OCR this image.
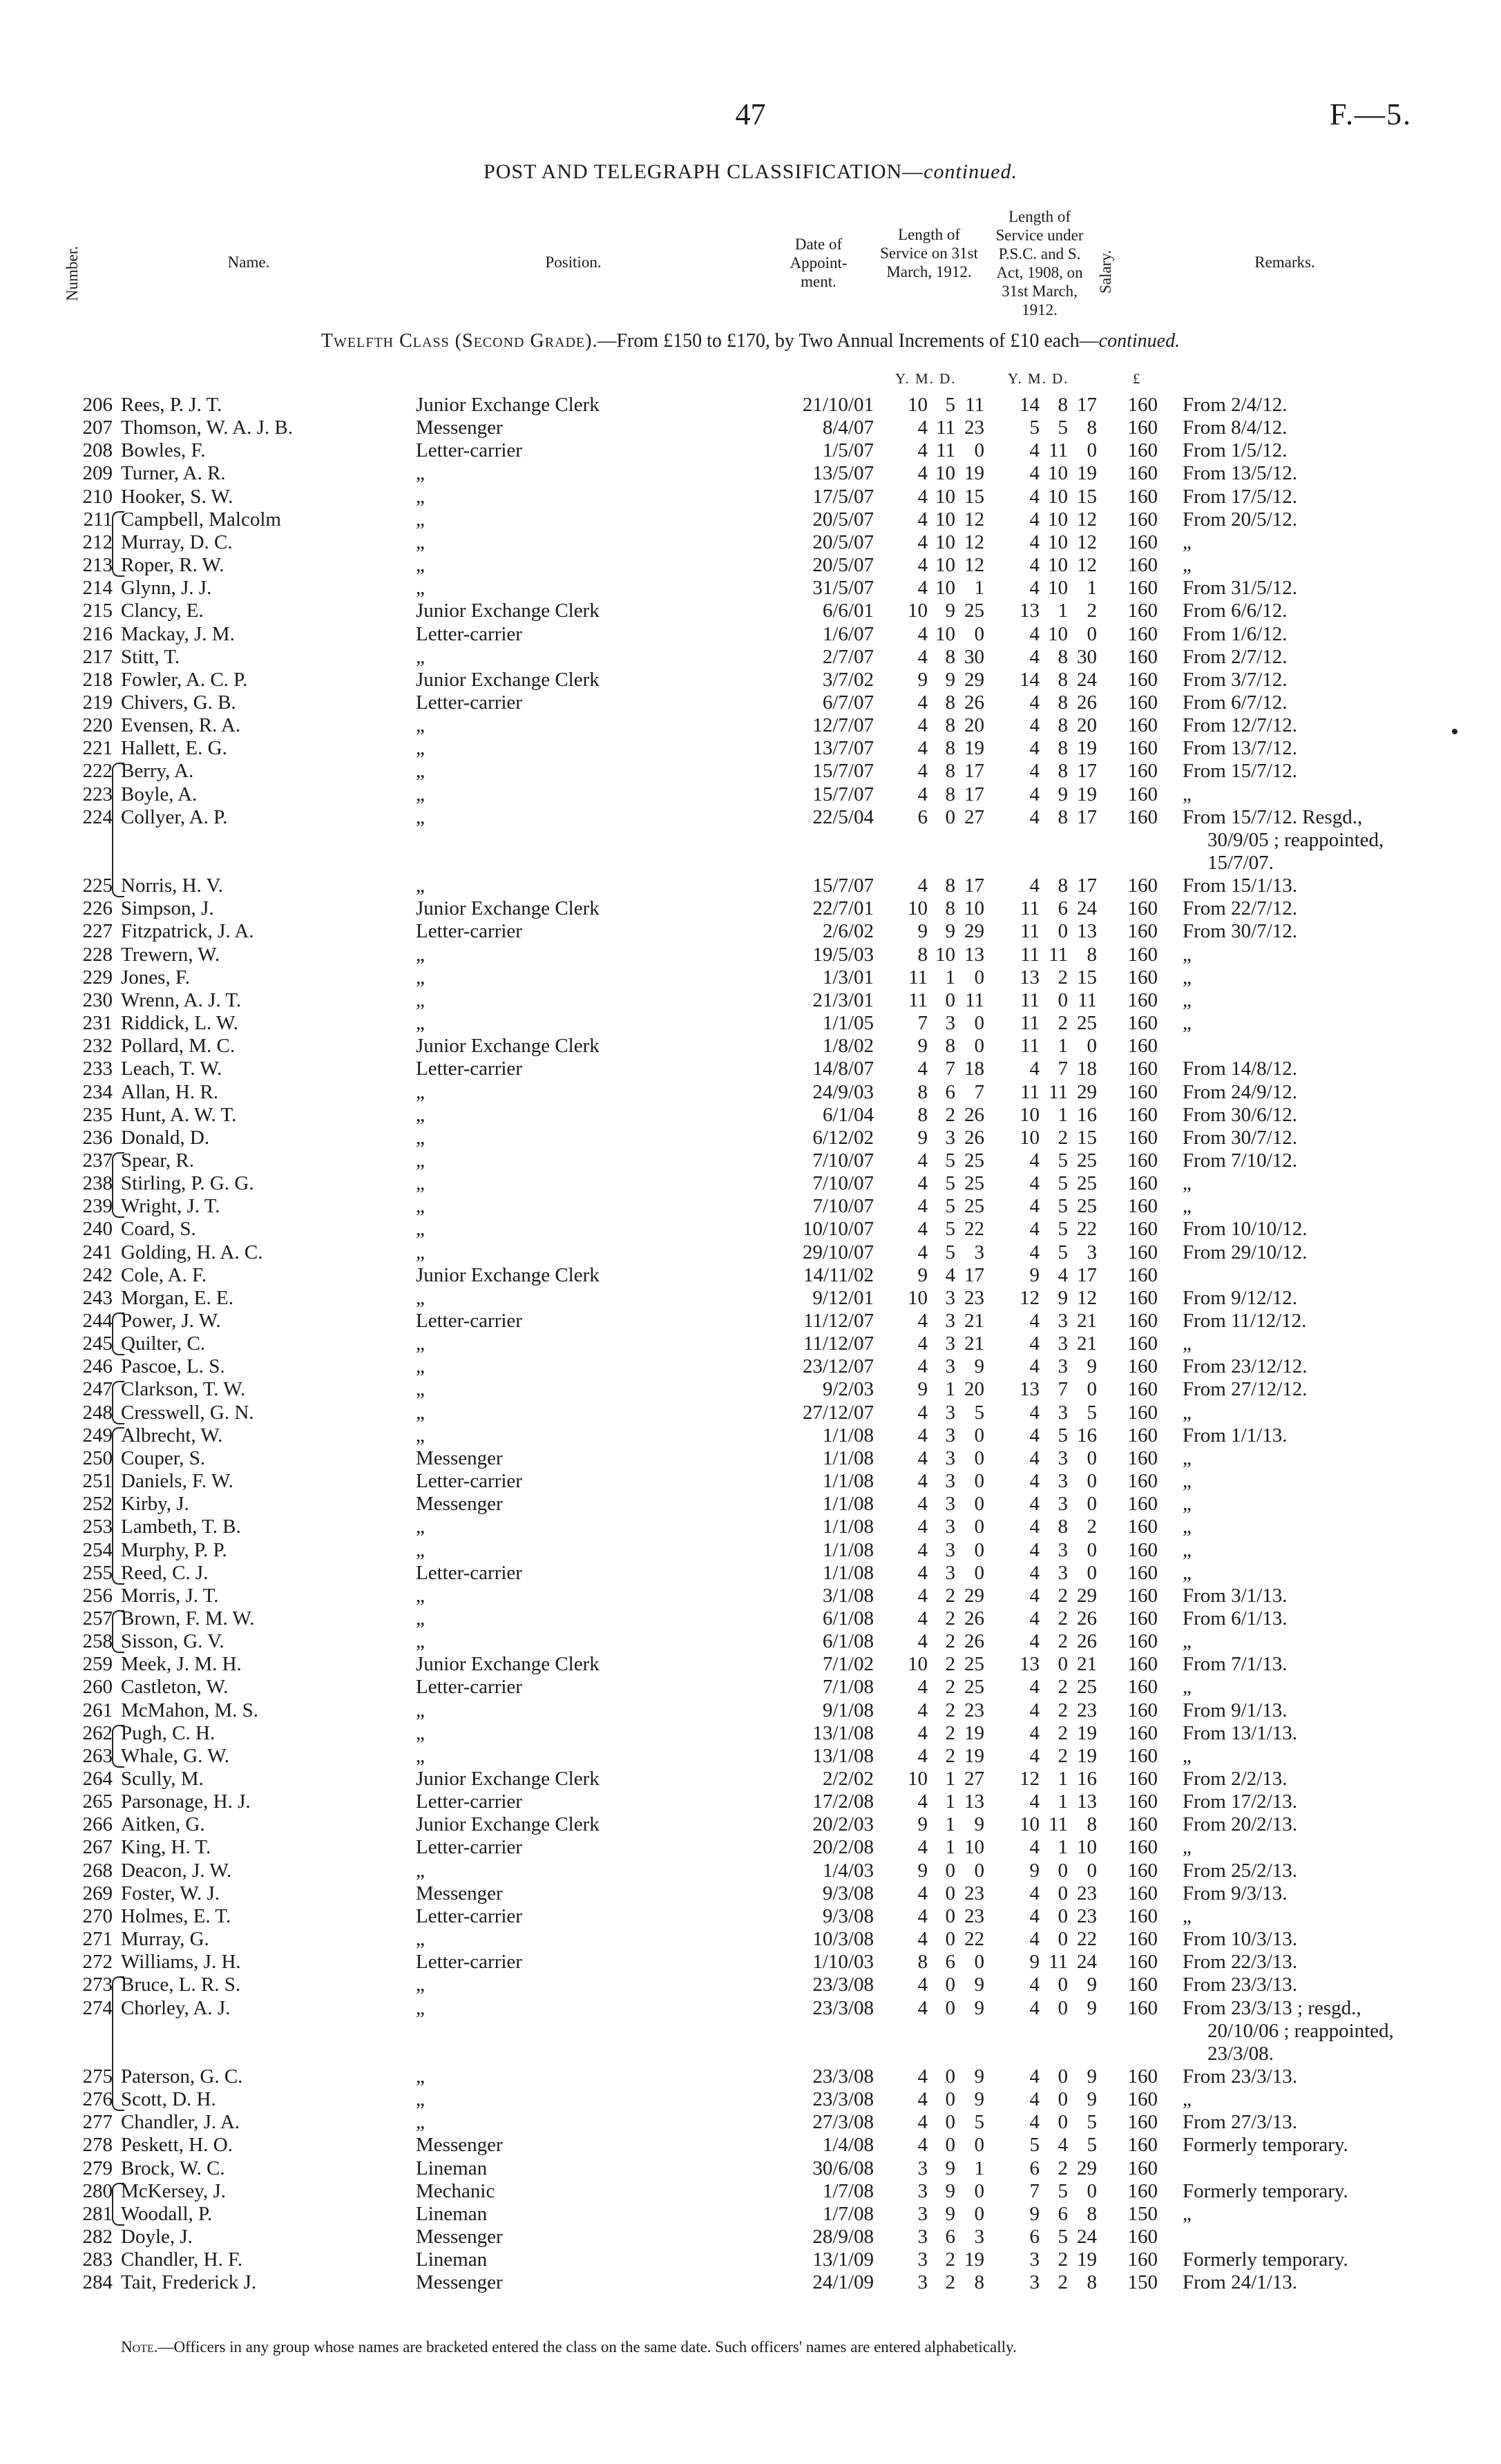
47	F.—5.
POST AND TELEGRAPH CLASSIFICATION—continued.
Number.	Name.	Position.
Date of Appoint- ment.
Length of Service on 31st March, 1912.
Length of Service under P.S.C. and S. Act, 1908, on 31st March, 1912.
Salary.	Remarks.
Twelfth Class (Second Grade).—From £150 to £170, by Two Annual Increments of £10 each—continued.
Y. M. D.	Y. M. D.	£
206 Rees, P. J. T.	Junior Exchange Clerk	21/10/01	10 5 11	14 8 17	160 From 2/4/12.
207 Thomson, W. A. J. B.	Messenger	8/4/07	4 11 23	5 5 8	160 From 8/4/12.
208 Bowles, F.	Letter-carrier	1/5/07	4 11 0	4 11 0	160 From 1/5/12.
209 Turner, A. R.	„	13/5/07	4 10 19	4 10 19	160 From 13/5/12.
210 Hooker, S. W.	„	17/5/07	4 10 15	4 10 15	160 From 17/5/12.
211 Campbell, Malcolm	„	20/5/07	4 10 12	4 10 12	160 From 20/5/12.
212 Murray, D. C.	„	20/5/07	4 10 12	4 10 12	160 „
213 Roper, R. W.	„	20/5/07	4 10 12	4 10 12	160 „
214 Glynn, J. J.	„	31/5/07	4 10 1	4 10 1	160 From 31/5/12.
215 Clancy, E.	Junior Exchange Clerk	6/6/01	10 9 25	13 1 2	160 From 6/6/12.
216 Mackay, J. M.	Letter-carrier	1/6/07	4 10 0	4 10 0	160 From 1/6/12.
217 Stitt, T.	„	2/7/07	4 8 30	4 8 30	160 From 2/7/12.
218 Fowler, A. C. P.	Junior Exchange Clerk	3/7/02	9 9 29	14 8 24	160 From 3/7/12.
219 Chivers, G. B.	Letter-carrier	6/7/07	4 8 26	4 8 26	160 From 6/7/12.
220 Evensen, R. A.	„	12/7/07	4 8 20	4 8 20	160 From 12/7/12.
221 Hallett, E. G.	„	13/7/07	4 8 19	4 8 19	160 From 13/7/12.
222 Berry, A.	„	15/7/07	4 8 17	4 8 17	160 From 15/7/12.
223 Boyle, A.	„	15/7/07	4 8 17	4 9 19	160 „
224 Collyer, A. P.	„	22/5/04	6 0 27	4 8 17	160 From 15/7/12. Resgd.,
30/9/05 ; reappointed,
15/7/07.
225 Norris, H. V.	„	15/7/07	4 8 17	4 8 17	160 From 15/1/13.
226 Simpson, J.	Junior Exchange Clerk	22/7/01	10 8 10	11 6 24	160 From 22/7/12.
227 Fitzpatrick, J. A.	Letter-carrier	2/6/02	9 9 29	11 0 13	160 From 30/7/12.
228 Trewern, W.	„	19/5/03	8 10 13	11 11 8	160 „
229 Jones, F.	„	1/3/01	11 1 0	13 2 15	160 „
230 Wrenn, A. J. T.	„	21/3/01	11 0 11	11 0 11	160 „
231 Riddick, L. W.	„	1/1/05	7 3 0	11 2 25	160 „
232 Pollard, M. C.	Junior Exchange Clerk	1/8/02	9 8 0	11 1 0	160
233 Leach, T. W.	Letter-carrier	14/8/07	4 7 18	4 7 18	160 From 14/8/12.
234 Allan, H. R.	„	24/9/03	8 6 7	11 11 29	160 From 24/9/12.
235 Hunt, A. W. T.	„	6/1/04	8 2 26	10 1 16	160 From 30/6/12.
236 Donald, D.	„	6/12/02	9 3 26	10 2 15	160 From 30/7/12.
237 Spear, R.	„	7/10/07	4 5 25	4 5 25	160 From 7/10/12.
238 Stirling, P. G. G.	„	7/10/07	4 5 25	4 5 25	160 „
239 Wright, J. T.	„	7/10/07	4 5 25	4 5 25	160 „
240 Coard, S.	„	10/10/07	4 5 22	4 5 22	160 From 10/10/12.
241 Golding, H. A. C.	„	29/10/07	4 5 3	4 5 3	160 From 29/10/12.
242 Cole, A. F.	Junior Exchange Clerk	14/11/02	9 4 17	9 4 17	160
243 Morgan, E. E.	„	9/12/01	10 3 23	12 9 12	160 From 9/12/12.
244 Power, J. W.	Letter-carrier	11/12/07	4 3 21	4 3 21	160 From 11/12/12.
245 Quilter, C.	„	11/12/07	4 3 21	4 3 21	160 „
246 Pascoe, L. S.	„	23/12/07	4 3 9	4 3 9	160 From 23/12/12.
247 Clarkson, T. W.	„	9/2/03	9 1 20	13 7 0	160 From 27/12/12.
248 Cresswell, G. N.	„	27/12/07	4 3 5	4 3 5	160 „
249 Albrecht, W.	„	1/1/08	4 3 0	4 5 16	160 From 1/1/13.
250 Couper, S.	Messenger	1/1/08	4 3 0	4 3 0	160 „
251 Daniels, F. W.	Letter-carrier	1/1/08	4 3 0	4 3 0	160 „
252 Kirby, J.	Messenger	1/1/08	4 3 0	4 3 0	160 „
253 Lambeth, T. B.	„	1/1/08	4 3 0	4 8 2	160 „
254 Murphy, P. P.	„	1/1/08	4 3 0	4 3 0	160 „
255 Reed, C. J.	Letter-carrier	1/1/08	4 3 0	4 3 0	160 „
256 Morris, J. T.	„	3/1/08	4 2 29	4 2 29	160 From 3/1/13.
257 Brown, F. M. W.	„	6/1/08	4 2 26	4 2 26	160 From 6/1/13.
258 Sisson, G. V.	„	6/1/08	4 2 26	4 2 26	160 „
259 Meek, J. M. H.	Junior Exchange Clerk	7/1/02	10 2 25	13 0 21	160 From 7/1/13.
260 Castleton, W.	Letter-carrier	7/1/08	4 2 25	4 2 25	160 „
261 McMahon, M. S.	„	9/1/08	4 2 23	4 2 23	160 From 9/1/13.
262 Pugh, C. H.	„	13/1/08	4 2 19	4 2 19	160 From 13/1/13.
263 Whale, G. W.	„	13/1/08	4 2 19	4 2 19	160 „
264 Scully, M.	Junior Exchange Clerk	2/2/02	10 1 27	12 1 16	160 From 2/2/13.
265 Parsonage, H. J.	Letter-carrier	17/2/08	4 1 13	4 1 13	160 From 17/2/13.
266 Aitken, G.	Junior Exchange Clerk	20/2/03	9 1 9	10 11 8	160 From 20/2/13.
267 King, H. T.	Letter-carrier	20/2/08	4 1 10	4 1 10	160 „
268 Deacon, J. W.	„	1/4/03	9 0 0	9 0 0	160 From 25/2/13.
269 Foster, W. J.	Messenger	9/3/08	4 0 23	4 0 23	160 From 9/3/13.
270 Holmes, E. T.	Letter-carrier	9/3/08	4 0 23	4 0 23	160 „
271 Murray, G.	„	10/3/08	4 0 22	4 0 22	160 From 10/3/13.
272 Williams, J. H.	Letter-carrier	1/10/03	8 6 0	9 11 24	160 From 22/3/13.
273 Bruce, L. R. S.	„	23/3/08	4 0 9	4 0 9	160 From 23/3/13.
274 Chorley, A. J.	„	23/3/08	4 0 9	4 0 9	160 From 23/3/13 ; resgd.,
20/10/06 ; reappointed,
23/3/08.
275 Paterson, G. C.	„	23/3/08	4 0 9	4 0 9	160 From 23/3/13.
276 Scott, D. H.	„	23/3/08	4 0 9	4 0 9	160 „
277 Chandler, J. A.	„	27/3/08	4 0 5	4 0 5	160 From 27/3/13.
278 Peskett, H. O.	Messenger	1/4/08	4 0 0	5 4 5	160 Formerly temporary.
279 Brock, W. C.	Lineman	30/6/08	3 9 1	6 2 29	160
280 McKersey, J.	Mechanic	1/7/08	3 9 0	7 5 0	160 Formerly temporary.
281 Woodall, P.	Lineman	1/7/08	3 9 0	9 6 8	150 „
282 Doyle, J.	Messenger	28/9/08	3 6 3	6 5 24	160
283 Chandler, H. F.	Lineman	13/1/09	3 2 19	3 2 19	160 Formerly temporary.
284 Tait, Frederick J.	Messenger	24/1/09	3 2 8	3 2 8	150 From 24/1/13.
Note.—Officers in any group whose names are bracketed entered the class on the same date. Such officers' names are entered alphabetically.
